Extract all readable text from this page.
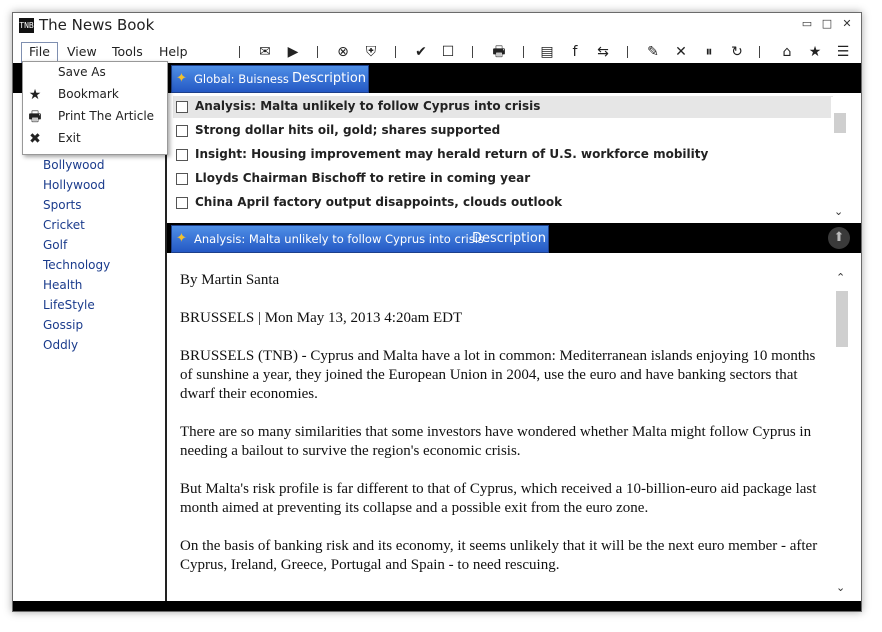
TNB The News Book	▭ □ ✕
File	View	Tools	Help	✉ ▶	⊗ ⛨	✔ ☐	🖶 ▤	f	⇆	✎ ✕	⏸	↻	⌂ ★ ☰
Bollywood
Hollywood
Sports
Cricket
Golf
Technology
Health
LifeStyle
Gossip
Oddly
✦ Global: Buisness Description
Analysis: Malta unlikely to follow Cyprus into crisis
Strong dollar hits oil, gold; shares supported
Insight: Housing improvement may herald return of U.S. workforce mobility
Lloyds Chairman Bischoff to retire in coming year
China April factory output disappoints, clouds outlook
⌄
✦ Analysis: Malta unlikely to follow Cyprus into crisis
Description	⬆
By Martin Santa
BRUSSELS | Mon May 13, 2013 4:20am EDT
BRUSSELS (TNB) - Cyprus and Malta have a lot in common: Mediterranean islands enjoying 10 months of sunshine a year, they joined the European Union in 2004, use the euro and have banking sectors that dwarf their economies.
There are so many similarities that some investors have wondered whether Malta might follow Cyprus in needing a bailout to survive the region's economic crisis.
But Malta's risk profile is far different to that of Cyprus, which received a 10-billion-euro aid package last month aimed at preventing its collapse and a possible exit from the euro zone.
On the basis of banking risk and its economy, it seems unlikely that it will be the next euro member - after Cyprus, Ireland, Greece, Portugal and Spain - to need rescuing.
⌃
⌄
Save As
★ Bookmark
🖶 Print The Article
✖ Exit
